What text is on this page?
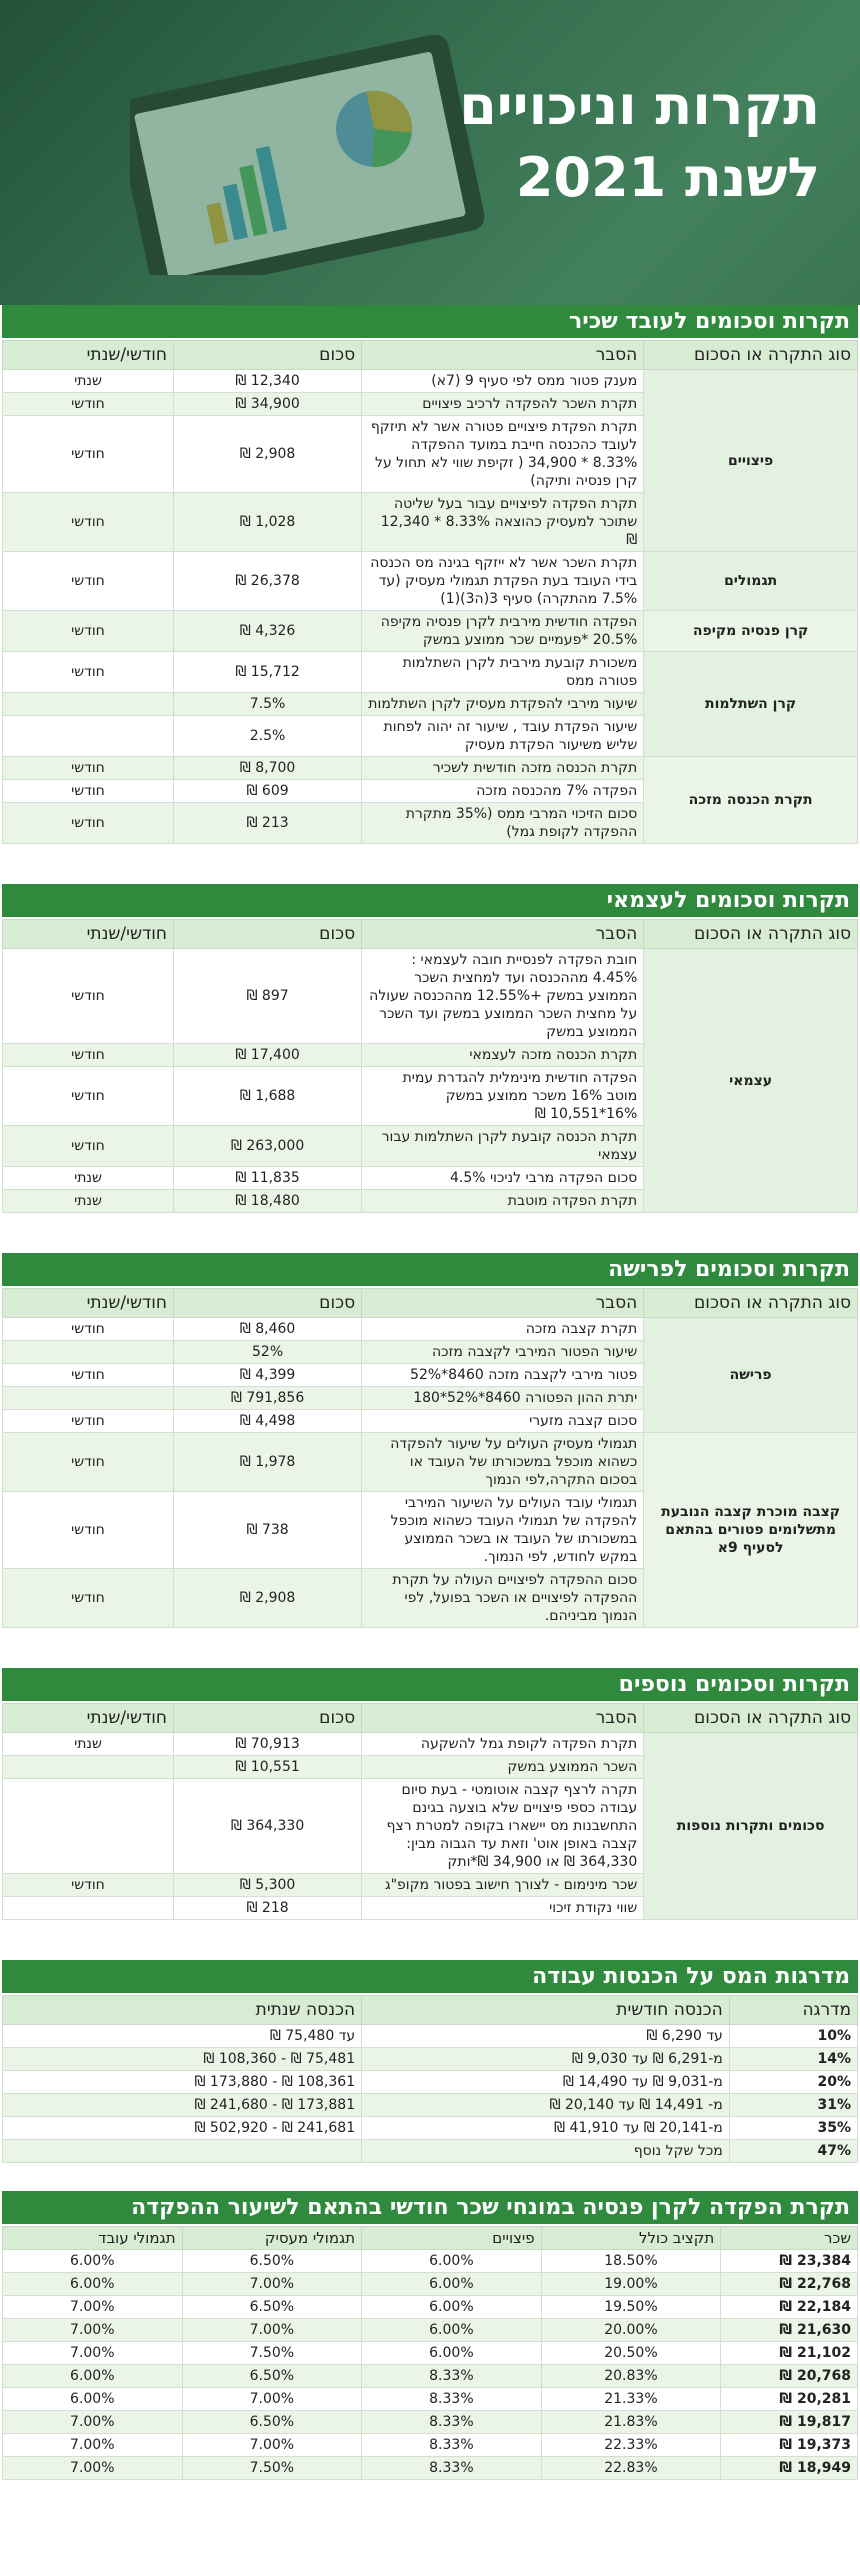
תקרות וניכויים
לשנת 2021
תקרות וסכומים לעובד שכיר
סוג התקרה או הסכום	הסבר	סכום	חודשי/שנתי
פיצויים	מענק פטור ממס לפי סעיף 9 (7א)	12,340 ₪	שנתי
	תקרת השכר להפקדה לרכיב פיצויים	34,900 ₪	חודשי
	תקרת הפקדת פיצויים פטורה אשר לא תיזקף לעובד כהכנסה חייבת במועד ההפקדה 8.33% * 34,900 ( זקיפת שווי לא תחול על קרן פנסיה ותיקה)	2,908 ₪	חודשי
	תקרת הפקדה לפיצויים עבור בעל שליטה שתוכר למעסיק כהוצאה 8.33% * 12,340 ₪	1,028 ₪	חודשי
תגמולים	תקרת השכר אשר לא ייזקף בגינה מס הכנסה בידי העובד בעת הפקדת תגמולי מעסיק (עד 7.5% מהתקרה) סעיף 3(ה3)(1)	26,378 ₪	חודשי
קרן פנסיה מקיפה	הפקדה חודשית מירבית לקרן פנסיה מקיפה 20.5% *פעמיים שכר ממוצע במשק	4,326 ₪	חודשי
קרן השתלמות	משכורת קובעת מירבית לקרן השתלמות פטורה ממס	15,712 ₪	חודשי
	שיעור מירבי להפקדת מעסיק לקרן השתלמות	7.5%	
	שיעור הפקדת עובד , שיעור זה יהוה לפחות שליש משיעור הפקדת מעסיק	2.5%	
תקרת הכנסה מזכה	תקרת הכנסה מזכה חודשית לשכיר	8,700 ₪	חודשי
	הפקדה 7% מהכנסה מזכה	609 ₪	חודשי
	סכום הזיכוי המרבי ממס (35% מתקרת ההפקדה לקופת גמל)	213 ₪	חודשי
תקרות וסכומים לעצמאי
סוג התקרה או הסכום	הסבר	סכום	חודשי/שנתי
עצמאי	חובת הפקדה לפנסיית חובה לעצמאי : 4.45% מההכנסה ועד למחצית השכר הממוצע במשק +12.55% מההכנסה שעולה על מחצית השכר הממוצע במשק ועד השכר הממוצע במשק	897 ₪	חודשי
	תקרת הכנסה מזכה לעצמאי	17,400 ₪	חודשי
	הפקדה חודשית מינימלית להגדרת עמית מוטב 16% משכר ממוצע במשק 16%*10,551 ₪	1,688 ₪	חודשי
	תקרת הכנסה קובעת לקרן השתלמות עבור עצמאי	263,000 ₪	חודשי
	סכום הפקדה מרבי לניכוי 4.5%	11,835 ₪	שנתי
	תקרת הפקדה מוטבת	18,480 ₪	שנתי
תקרות וסכומים לפרישה
סוג התקרה או הסכום	הסבר	סכום	חודשי/שנתי
פרישה	תקרת קצבה מזכה	8,460 ₪	חודשי
	שיעור הפטור המירבי לקצבה מזכה	52%	
	פטור מירבי לקצבה מזכה 8460*52%	4,399 ₪	חודשי
	יתרת ההון הפטורה 8460*52%*180	791,856 ₪	
	סכום קצבה מזערי	4,498 ₪	חודשי
קצבה מוכרת קצבה הנובעת מתשלומים פטורים בהתאם לסעיף 9א	תגמולי מעסיק העולים על שיעור להפקדה כשהוא מוכפל במשכורתו של העובד או בסכום התקרה,לפי הנמוך	1,978 ₪	חודשי
	תגמולי עובד העולים על השיעור המירבי להפקדה של תגמולי העובד כשהוא מוכפל במשכורתו של העובד או בשכר הממוצע במקש לחודש, לפי הנמוך.	738 ₪	חודשי
	סכום ההפקדה לפיצויים העולה על תקרת ההפקדה לפיצויים או השכר בפועל, לפי הנמוך מביניהם.	2,908 ₪	חודשי
תקרות וסכומים נוספים
סוג התקרה או הסכום	הסבר	סכום	חודשי/שנתי
סכומים ותקרות נוספות	תקרת הפקדה לקופת גמל להשקעה	70,913 ₪	שנתי
	השכר הממוצע במשק	10,551 ₪	
	תקרה לרצף קצבה אוטומטי - בעת סיום עבודה כספי פיצויים שלא בוצעה בגינם התחשבנות מס יישארו בקופה למטרת רצף קצבה באופן אוט' וזאת עד הגבוה מבין: 364,330 ₪ או 34,900 ₪*ותק	364,330 ₪	
	שכר מינימום - לצורך חישוב בפטור מקופ"ג	5,300 ₪	חודשי
	שווי נקודת זיכוי	218 ₪	
מדרגות המס על הכנסות עבודה
מדרגה	הכנסה חודשית	הכנסה שנתית
10%	עד 6,290 ₪	עד 75,480 ₪
14%	מ-6,291 ₪ עד 9,030 ₪	75,481 ₪ - 108,360 ₪
20%	מ-9,031 ₪ עד 14,490 ₪	108,361 ₪ - 173,880 ₪
31%	מ- 14,491 ₪ עד 20,140 ₪	173,881 ₪ - 241,680 ₪
35%	מ-20,141 ₪ עד 41,910 ₪	241,681 ₪ - 502,920 ₪
47%	מכל שקל נוסף	
תקרת הפקדה לקרן פנסיה במונחי שכר חודשי בהתאם לשיעור ההפקדה
שכר	תקציב כולל	פיצויים	תגמולי מעסיק	תגמולי עובד
23,384 ₪	18.50%	6.00%	6.50%	6.00%
22,768 ₪	19.00%	6.00%	7.00%	6.00%
22,184 ₪	19.50%	6.00%	6.50%	7.00%
21,630 ₪	20.00%	6.00%	7.00%	7.00%
21,102 ₪	20.50%	6.00%	7.50%	7.00%
20,768 ₪	20.83%	8.33%	6.50%	6.00%
20,281 ₪	21.33%	8.33%	7.00%	6.00%
19,817 ₪	21.83%	8.33%	6.50%	7.00%
19,373 ₪	22.33%	8.33%	7.00%	7.00%
18,949 ₪	22.83%	8.33%	7.50%	7.00%
